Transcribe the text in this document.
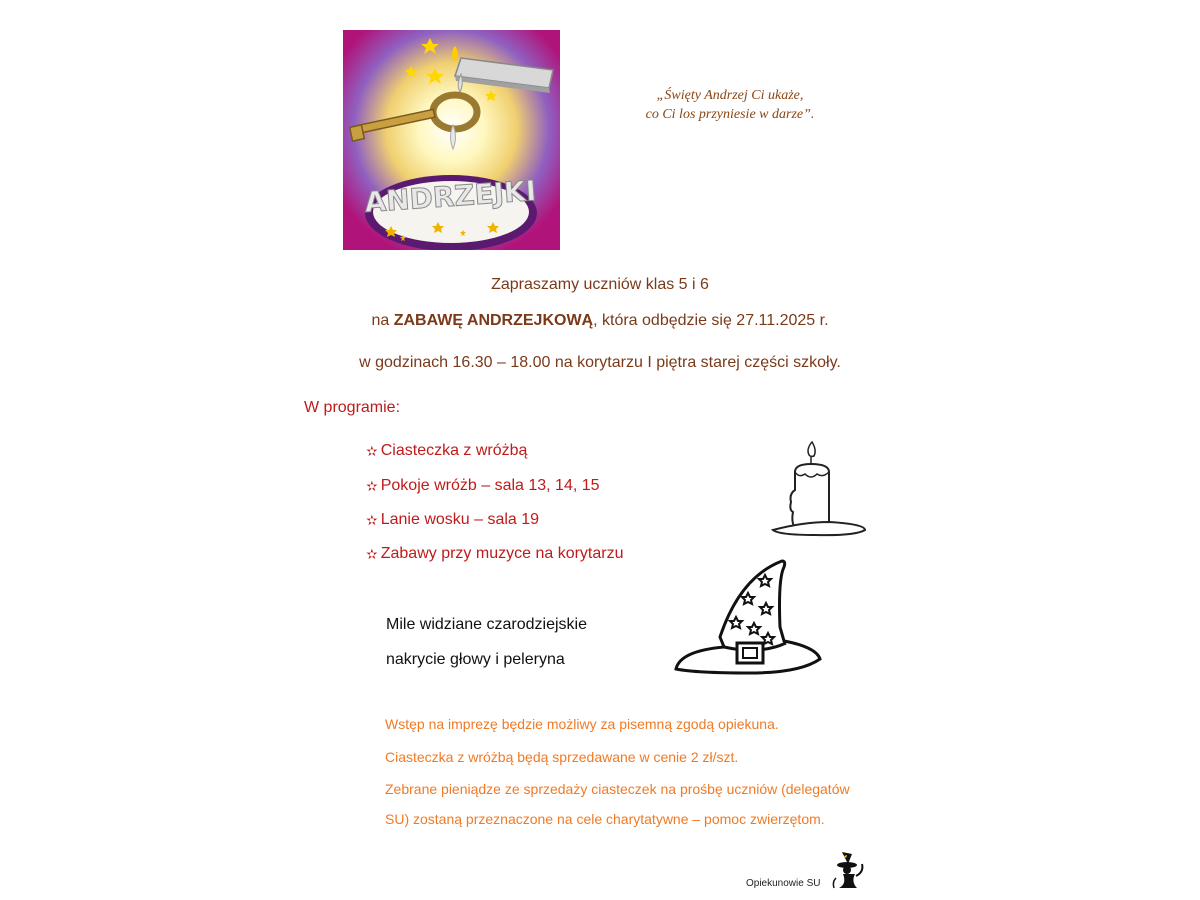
ANDRZEJKI
„Święty Andrzej Ci ukaże,
co Ci los przyniesie w darze”.
Zapraszamy uczniów klas 5 i 6
na ZABAWĘ ANDRZEJKOWĄ, która odbędzie się 27.11.2025 r.
w godzinach 16.30 – 18.00 na korytarzu I piętra starej części szkoły.
W programie:
✫ Ciasteczka z wróżbą
✫ Pokoje wróżb – sala 13, 14, 15
✫ Lanie wosku – sala 19
✫ Zabawy przy muzyce na korytarzu
Mile widziane czarodziejskie
nakrycie głowy i peleryna
Wstęp na imprezę będzie możliwy za pisemną zgodą opiekuna.
Ciasteczka z wróżbą będą sprzedawane w cenie 2 zł/szt.
Zebrane pieniądze ze sprzedaży ciasteczek na prośbę uczniów (delegatów
SU) zostaną przeznaczone na cele charytatywne – pomoc zwierzętom.
Opiekunowie SU
